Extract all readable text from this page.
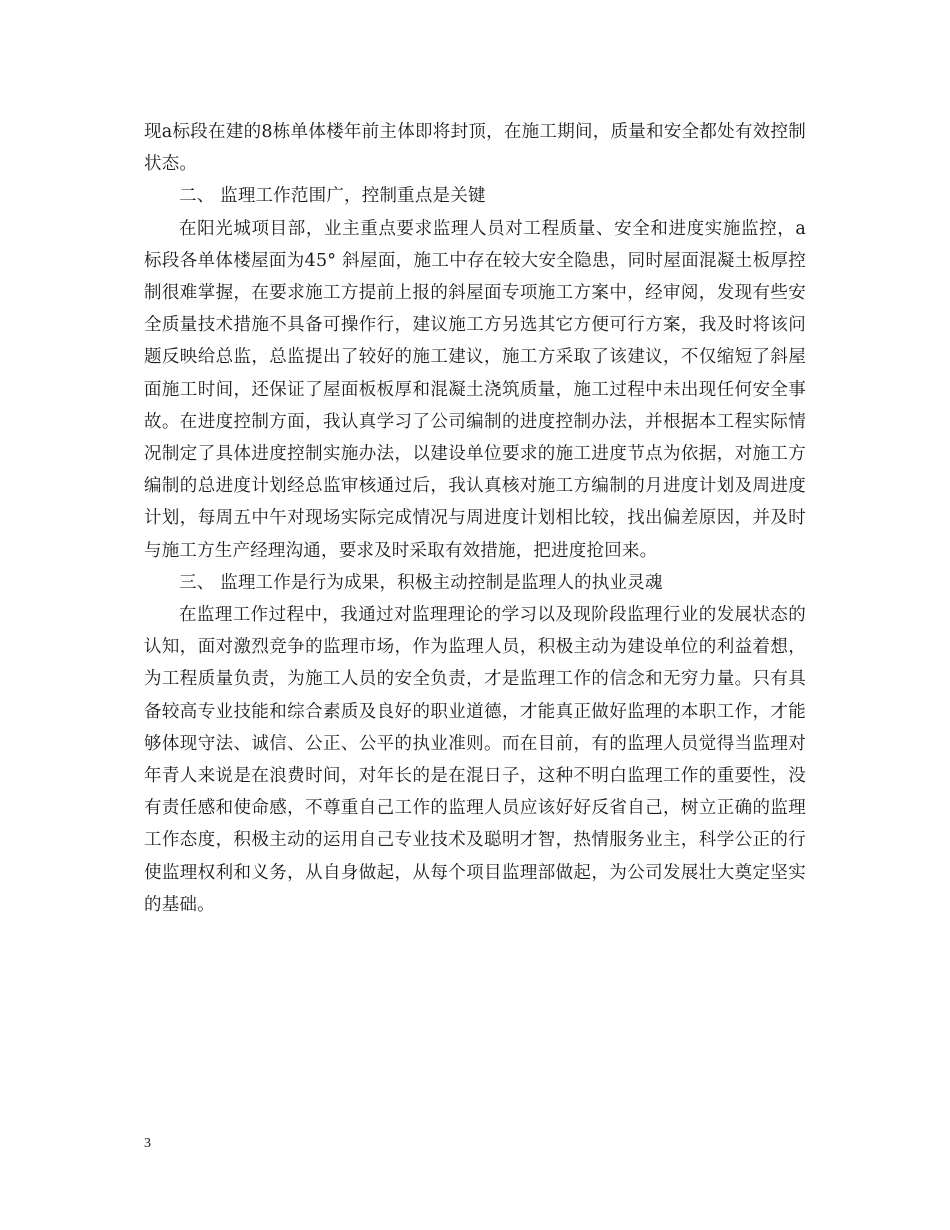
现a标段在建的8栋单体楼年前主体即将封顶，在施工期间，质量和安全都处有效控制状态。

二、 监理工作范围广，控制重点是关键

在阳光城项目部，业主重点要求监理人员对工程质量、安全和进度实施监控，a标段各单体楼屋面为45° 斜屋面，施工中存在较大安全隐患，同时屋面混凝土板厚控制很难掌握，在要求施工方提前上报的斜屋面专项施工方案中，经审阅，发现有些安全质量技术措施不具备可操作行，建议施工方另选其它方便可行方案，我及时将该问题反映给总监，总监提出了较好的施工建议，施工方采取了该建议，不仅缩短了斜屋面施工时间，还保证了屋面板板厚和混凝土浇筑质量，施工过程中未出现任何安全事故。在进度控制方面，我认真学习了公司编制的进度控制办法，并根据本工程实际情况制定了具体进度控制实施办法，以建设单位要求的施工进度节点为依据，对施工方编制的总进度计划经总监审核通过后，我认真核对施工方编制的月进度计划及周进度计划，每周五中午对现场实际完成情况与周进度计划相比较，找出偏差原因，并及时与施工方生产经理沟通，要求及时采取有效措施，把进度抢回来。

三、 监理工作是行为成果，积极主动控制是监理人的执业灵魂

在监理工作过程中，我通过对监理理论的学习以及现阶段监理行业的发展状态的认知，面对激烈竞争的监理市场，作为监理人员，积极主动为建设单位的利益着想，为工程质量负责，为施工人员的安全负责，才是监理工作的信念和无穷力量。只有具备较高专业技能和综合素质及良好的职业道德，才能真正做好监理的本职工作，才能够体现守法、诚信、公正、公平的执业准则。而在目前，有的监理人员觉得当监理对年青人来说是在浪费时间，对年长的是在混日子，这种不明白监理工作的重要性，没有责任感和使命感，不尊重自己工作的监理人员应该好好反省自己，树立正确的监理工作态度，积极主动的运用自己专业技术及聪明才智，热情服务业主，科学公正的行使监理权利和义务，从自身做起，从每个项目监理部做起，为公司发展壮大奠定坚实的基础。

3
